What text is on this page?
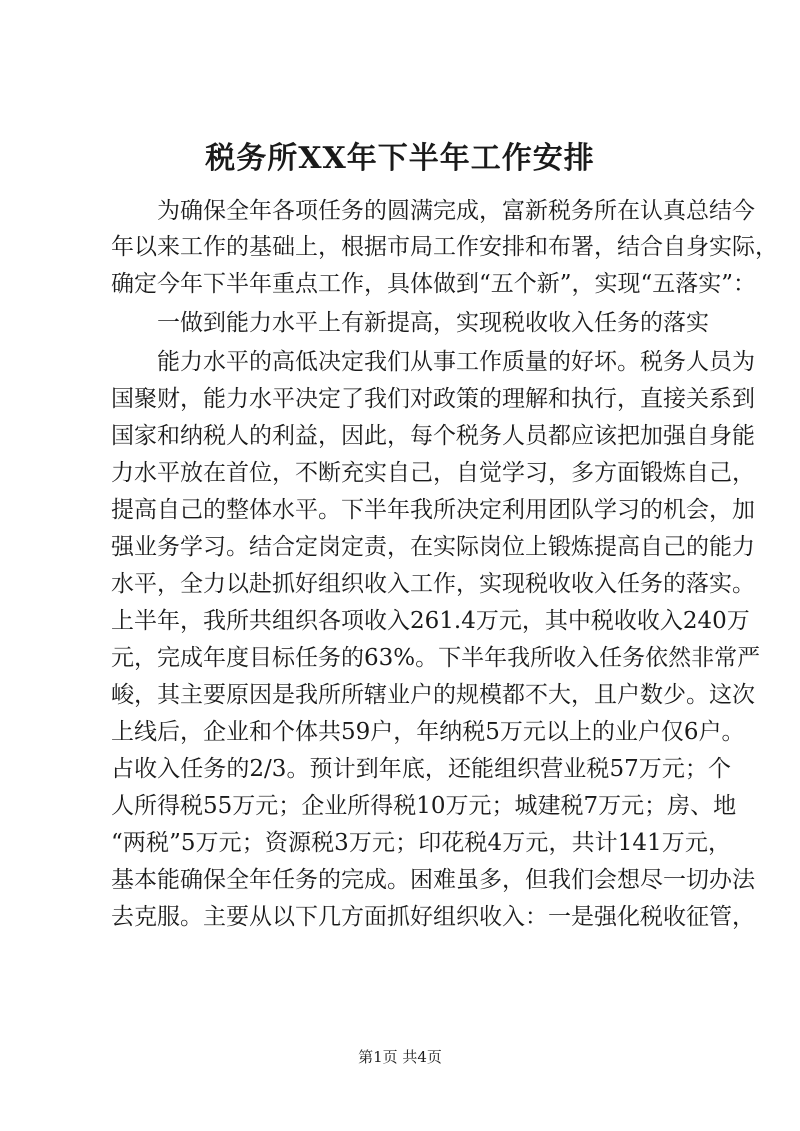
税务所XX年下半年工作安排
为确保全年各项任务的圆满完成，富新税务所在认真总结今
年以来工作的基础上，根据市局工作安排和布署，结合自身实际，
确定今年下半年重点工作，具体做到“五个新”，实现“五落实”：
一做到能力水平上有新提高，实现税收收入任务的落实
能力水平的高低决定我们从事工作质量的好坏。税务人员为
国聚财，能力水平决定了我们对政策的理解和执行，直接关系到
国家和纳税人的利益，因此，每个税务人员都应该把加强自身能
力水平放在首位，不断充实自己，自觉学习，多方面锻炼自己，
提高自己的整体水平。下半年我所决定利用团队学习的机会，加
强业务学习。结合定岗定责，在实际岗位上锻炼提高自己的能力
水平，全力以赴抓好组织收入工作，实现税收收入任务的落实。
上半年，我所共组织各项收入261.4万元，其中税收收入240万
元，完成年度目标任务的63%。下半年我所收入任务依然非常严
峻，其主要原因是我所所辖业户的规模都不大，且户数少。这次
上线后，企业和个体共59户，年纳税5万元以上的业户仅6户。
占收入任务的2/3。预计到年底，还能组织营业税57万元；个
人所得税55万元；企业所得税10万元；城建税7万元；房、地
“两税”5万元；资源税3万元；印花税4万元，共计141万元，
基本能确保全年任务的完成。困难虽多，但我们会想尽一切办法
去克服。主要从以下几方面抓好组织收入：一是强化税收征管，
第1页 共4页
